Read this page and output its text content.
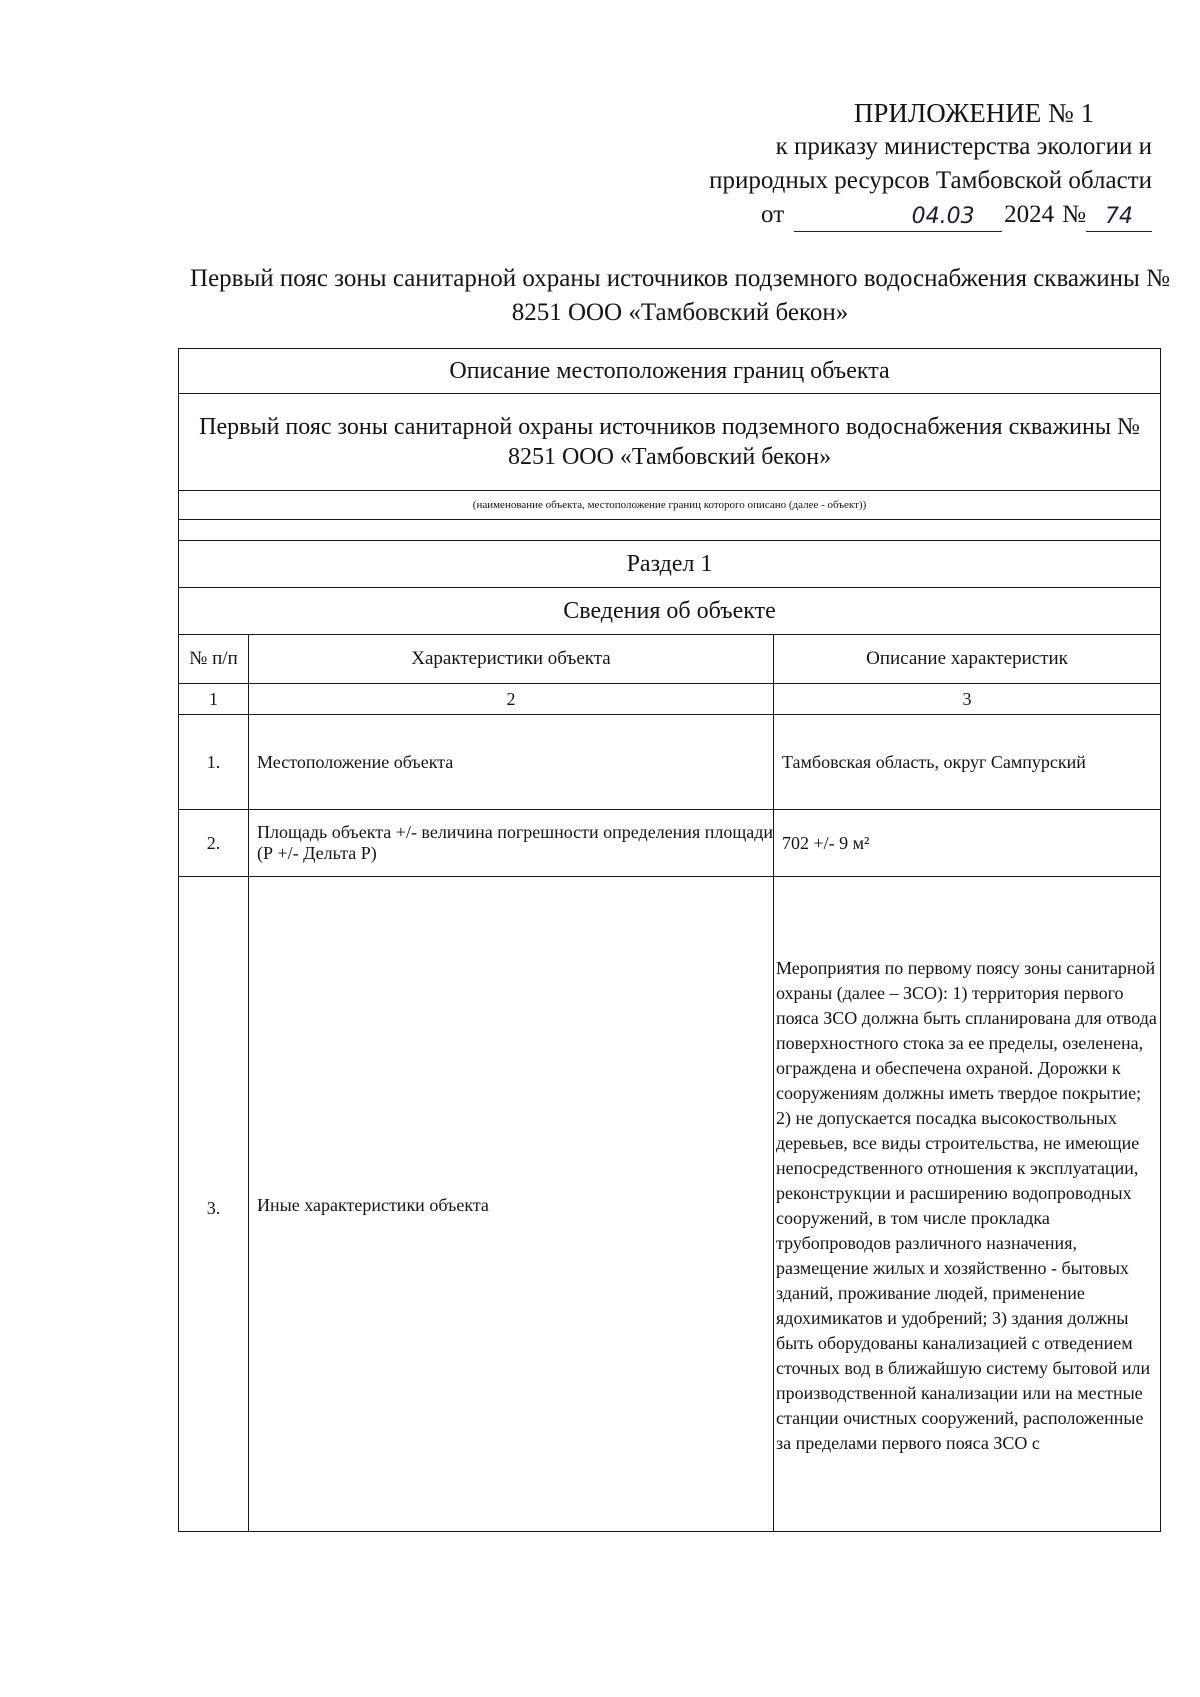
ПРИЛОЖЕНИЕ № 1
к приказу министерства экологии и
природных ресурсов Тамбовской области
от	04.03	2024 № 74
Первый пояс зоны санитарной охраны источников подземного водоснабжения скважины № 8251 ООО «Тамбовский бекон»
Описание местоположения границ объекта		
Первый пояс зоны санитарной охраны источников подземного водоснабжения скважины № 8251 ООО «Тамбовский бекон»		
(наименование объекта, местоположение границ которого описано (далее - объект))		

Раздел 1		
Сведения об объекте		
№ п/п	Характеристики объекта	Описание характеристик
1	2	3
1.	Местоположение объекта	Тамбовская область, округ Сампурский
2.	Площадь объекта +/- величина погрешности определения площади (Р +/- Дельта Р)	702 +/- 9 м²
3.	Иные характеристики объекта	Мероприятия по первому поясу зоны санитарной охраны (далее – ЗСО): 1) территория первого пояса ЗСО должна быть спланирована для отвода поверхностного стока за ее пределы, озеленена, ограждена и обеспечена охраной. Дорожки к сооружениям должны иметь твердое покрытие; 2) не допускается посадка высокоствольных деревьев, все виды строительства, не имеющие непосредственного отношения к эксплуатации, реконструкции и расширению водопроводных сооружений, в том числе прокладка трубопроводов различного назначения, размещение жилых и хозяйственно - бытовых зданий, проживание людей, применение ядохимикатов и удобрений; 3) здания должны быть оборудованы канализацией с отведением сточных вод в ближайшую систему бытовой или производственной канализации или на местные станции очистных сооружений, расположенные за пределами первого пояса ЗСО с
